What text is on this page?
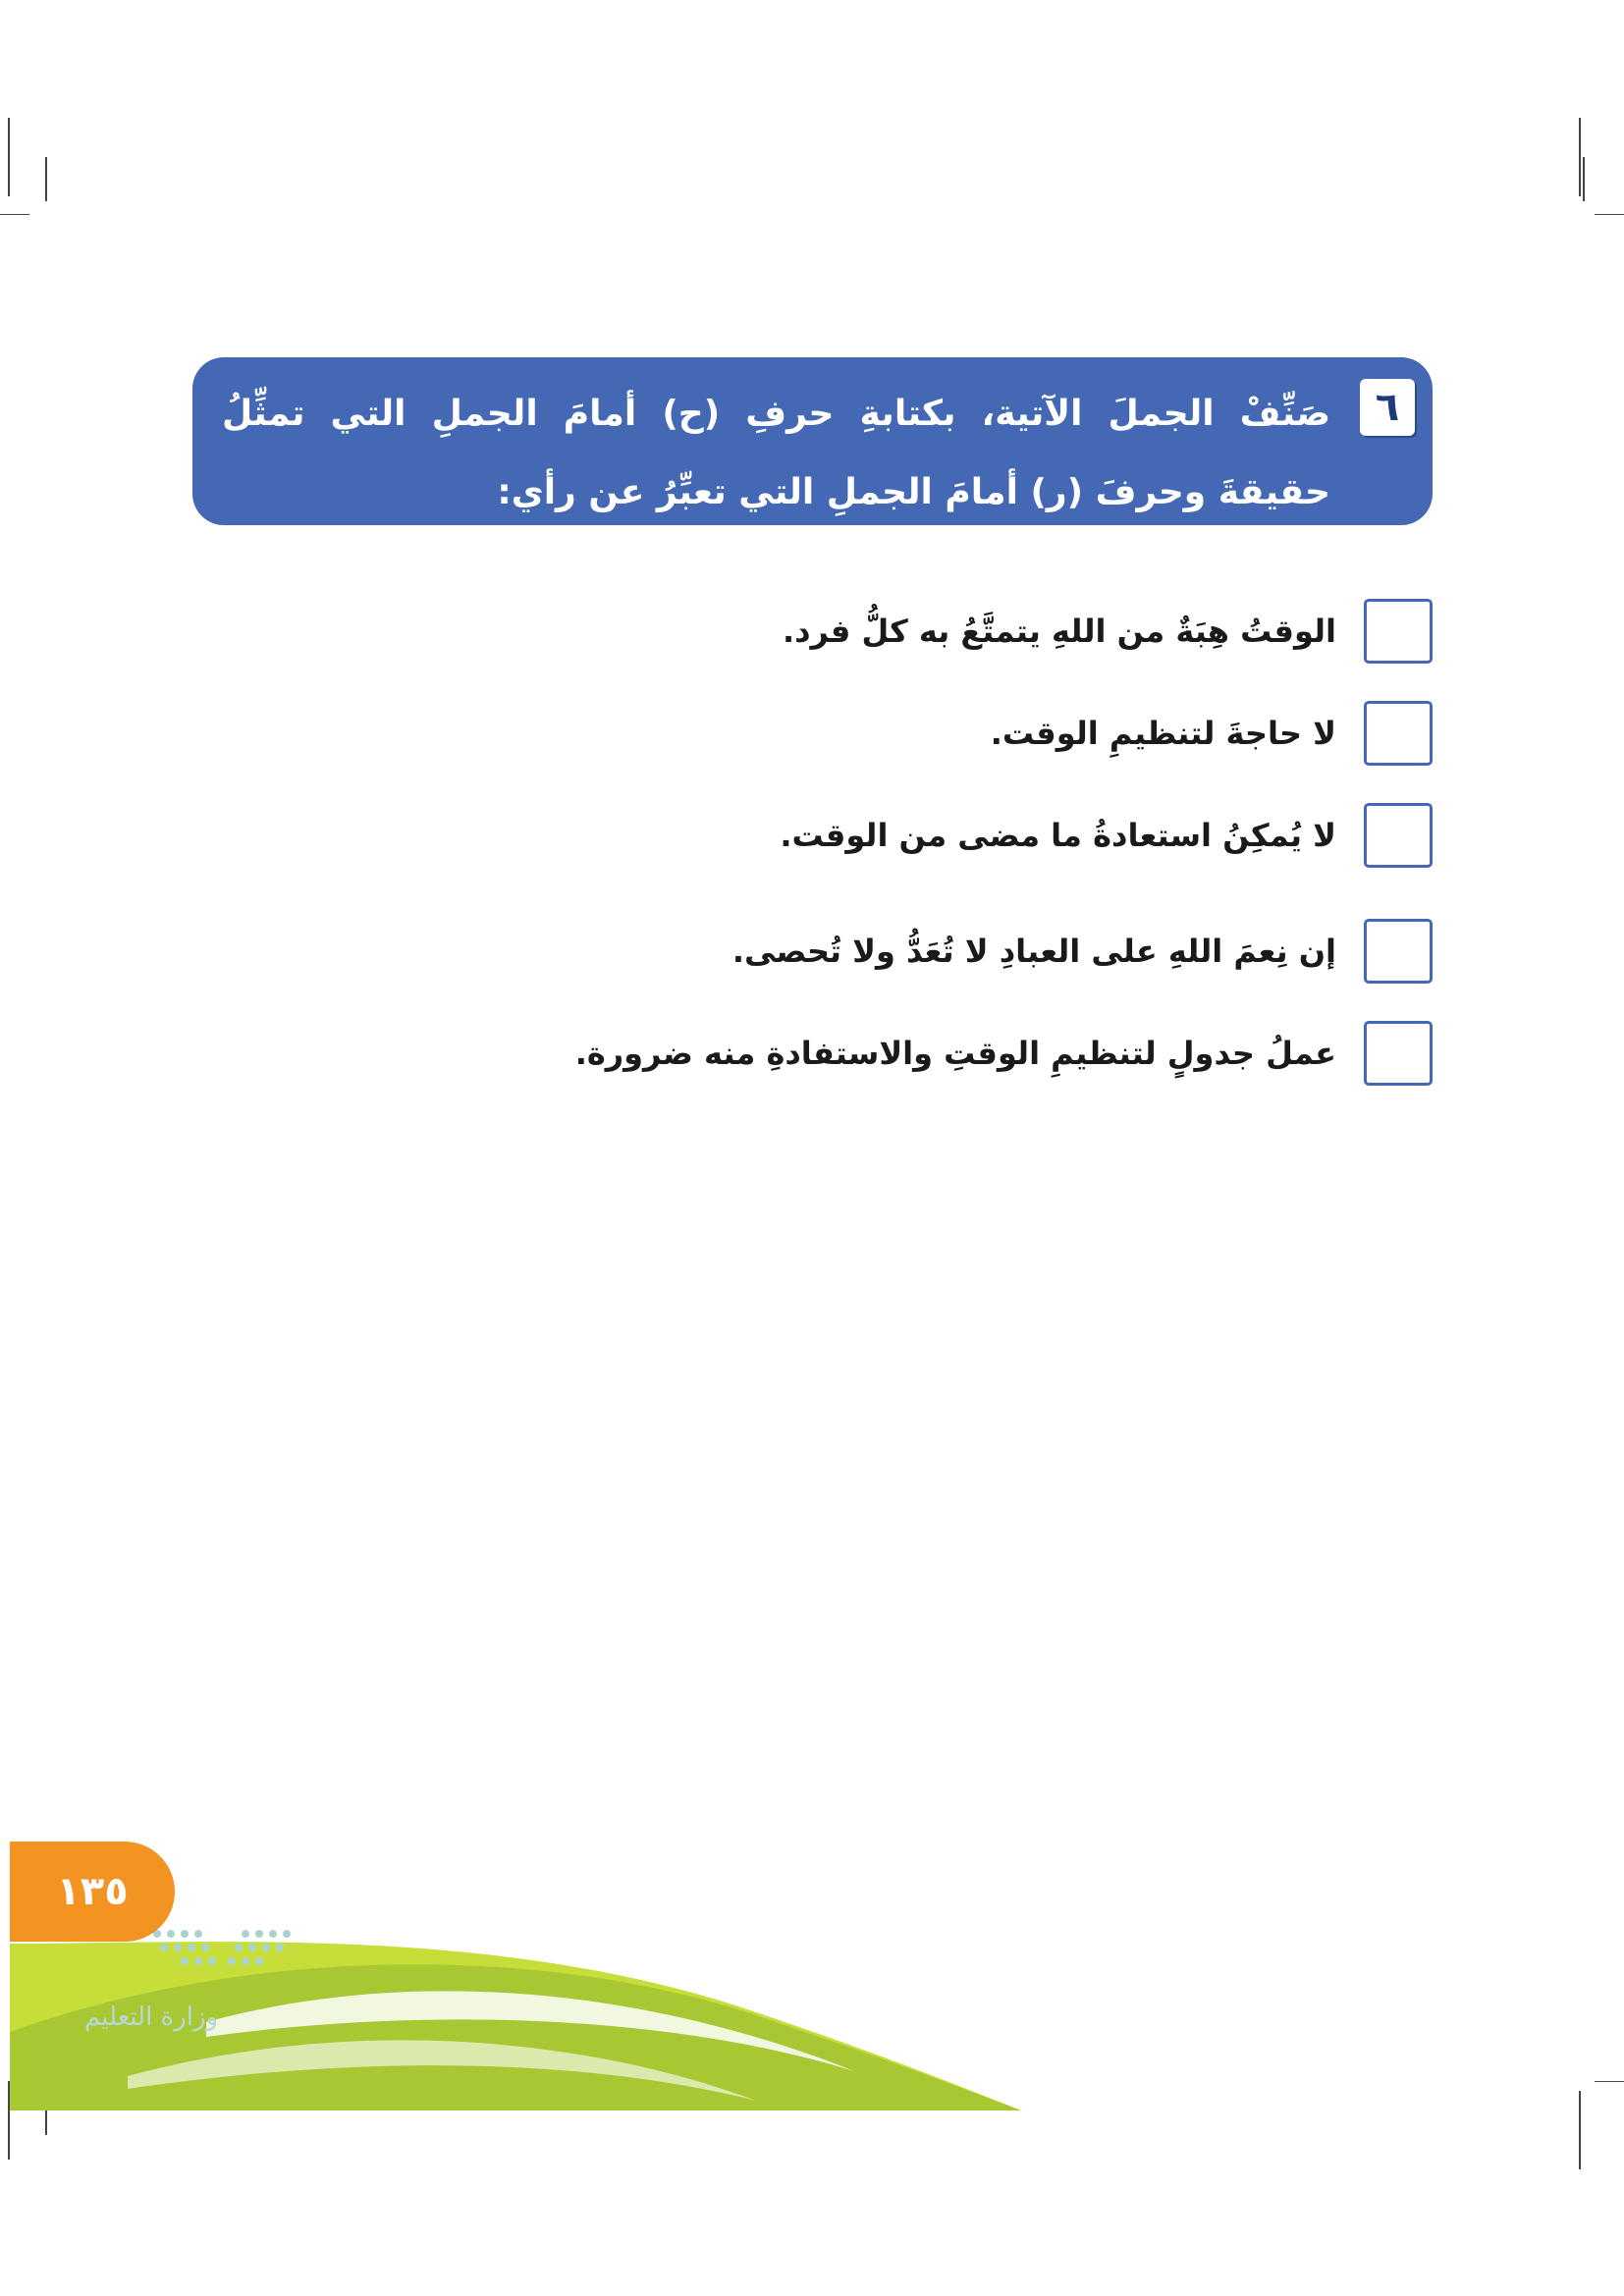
٦
صَنِّفْ الجملَ الآتية، بكتابةِ حرفِ (ح) أمامَ الجملِ التي تمثِّلُ حقيقةَ وحرفَ (ر) أمامَ الجملِ التي تعبِّرُ عن رأي:
الوقتُ هِبَةٌ من اللهِ يتمتَّعُ به كلُّ فرد.
لا حاجةَ لتنظيمِ الوقت.
لا يُمكِنُ استعادةُ ما مضى من الوقت.
إن نِعمَ اللهِ على العبادِ لا تُعَدُّ ولا تُحصى.
عملُ جدولٍ لتنظيمِ الوقتِ والاستفادةِ منه ضرورة.
وزارة التعليم
١٣٥
